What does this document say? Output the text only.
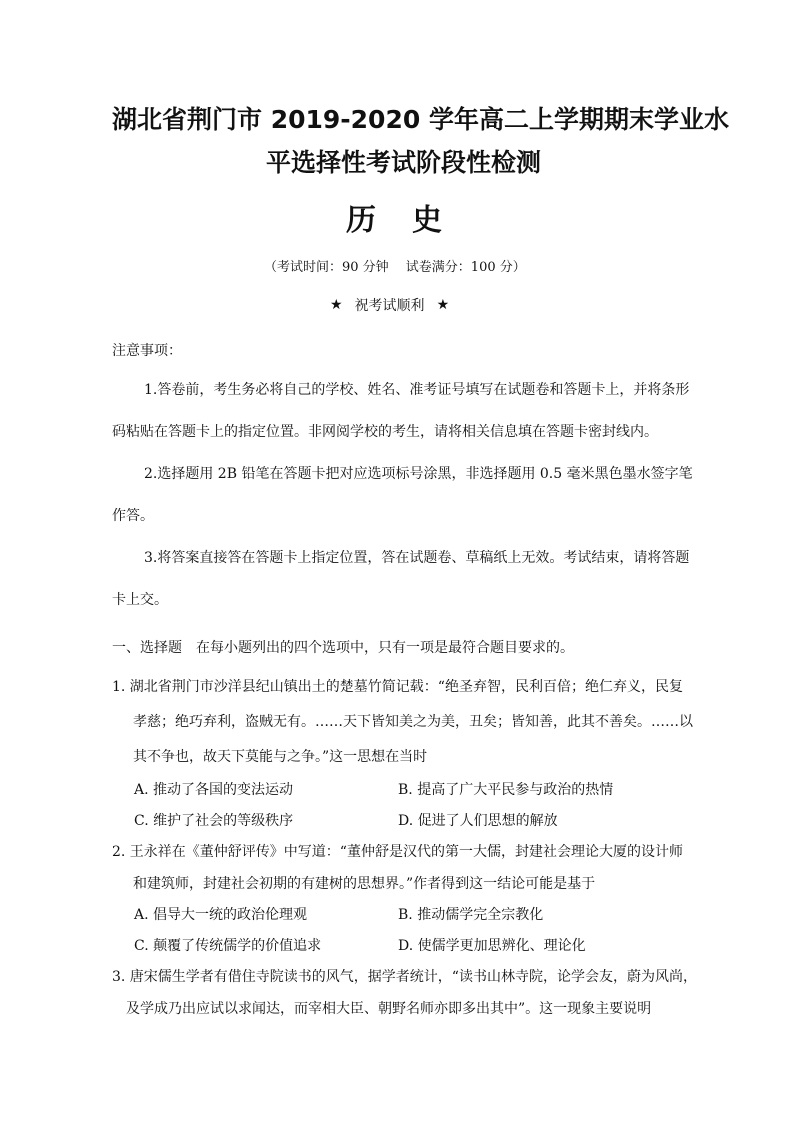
湖北省荆门市 2019-2020 学年高二上学期期末学业水
平选择性考试阶段性检测
历史
（考试时间：90 分钟　 试卷满分：100 分）
★ 祝考试顺利 ★
注意事项：
1.答卷前，考生务必将自己的学校、姓名、准考证号填写在试题卷和答题卡上，并将条形
码粘贴在答题卡上的指定位置。非网阅学校的考生，请将相关信息填在答题卡密封线内。
2.选择题用 2B 铅笔在答题卡把对应选项标号涂黑，非选择题用 0.5 毫米黑色墨水签字笔
作答。
3.将答案直接答在答题卡上指定位置，答在试题卷、草稿纸上无效。考试结束，请将答题
卡上交。
一、选择题　在每小题列出的四个选项中，只有一项是最符合题目要求的。
1. 湖北省荆门市沙洋县纪山镇出土的楚墓竹简记载：“绝圣弃智，民利百倍；绝仁弃义，民复
孝慈；绝巧弃利，盗贼无有。……天下皆知美之为美，丑矣；皆知善，此其不善矣。……以
其不争也，故天下莫能与之争。”这一思想在当时
A. 推动了各国的变法运动	B. 提高了广大平民参与政治的热情
C. 维护了社会的等级秩序	D. 促进了人们思想的解放
2. 王永祥在《董仲舒评传》中写道：“董仲舒是汉代的第一大儒，封建社会理论大厦的设计师
和建筑师，封建社会初期的有建树的思想界。”作者得到这一结论可能是基于
A. 倡导大一统的政治伦理观	B. 推动儒学完全宗教化
C. 颠覆了传统儒学的价值追求	D. 使儒学更加思辨化、理论化
3. 唐宋儒生学者有借住寺院读书的风气，据学者统计，“读书山林寺院，论学会友，蔚为风尚，
及学成乃出应试以求闻达，而宰相大臣、朝野名师亦即多出其中”。这一现象主要说明
